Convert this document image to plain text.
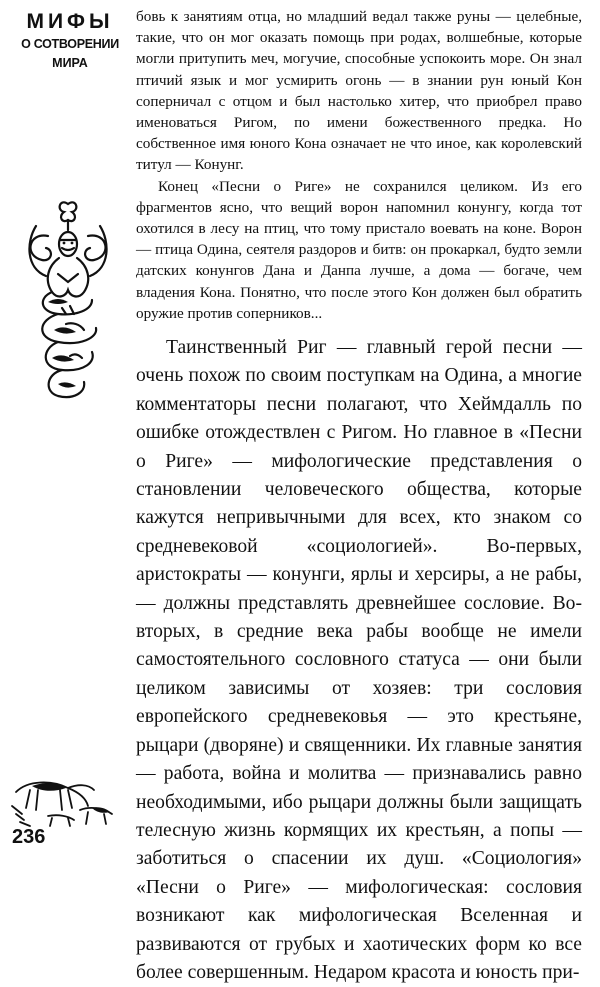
МИФЫ
О СОТВОРЕНИИ
МИРА

бовь к занятиям отца, но младший ведал также руны — целебные, такие, что он мог оказать помощь при родах, волшебные, которые могли притупить меч, могучие, способные успокоить море. Он знал птичий язык и мог усмирить огонь — в знании рун юный Кон соперничал с отцом и был настолько хитер, что приобрел право именоваться Ригом, по имени божественного предка. Но собственное имя юного Кона означает не что иное, как королевский титул — Конунг.

Конец «Песни о Риге» не сохранился целиком. Из его фрагментов ясно, что вещий ворон напомнил конунгу, когда тот охотился в лесу на птиц, что тому пристало воевать на коне. Ворон — птица Одина, сеятеля раздоров и битв: он прокаркал, будто земли датских конунгов Дана и Данпа лучше, а дома — богаче, чем владения Кона. Понятно, что после этого Кон должен был обратить оружие против соперников...

Таинственный Риг — главный герой песни — очень похож по своим поступкам на Одина, а многие комментаторы песни полагают, что Хеймдалль по ошибке отождествлен с Ригом. Но главное в «Песни о Риге» — мифологические представления о становлении человеческого общества, которые кажутся непривычными для всех, кто знаком со средневековой «социологией». Во-первых, аристократы — конунги, ярлы и херсиры, а не рабы, — должны представлять древнейшее сословие. Во-вторых, в средние века рабы вообще не имели самостоятельного сословного статуса — они были целиком зависимы от хозяев: три сословия европейского средневековья — это крестьяне, рыцари (дворяне) и священники. Их главные занятия — работа, война и молитва — признавались равно необходимыми, ибо рыцари должны были защищать телесную жизнь кормящих их крестьян, а попы — заботиться о спасении их душ. «Социология» «Песни о Риге» — мифологическая: сословия возникают как мифологическая Вселенная и развиваются от грубых и хаотических форм ко все более совершенным. Недаром красота и юность при-

236
